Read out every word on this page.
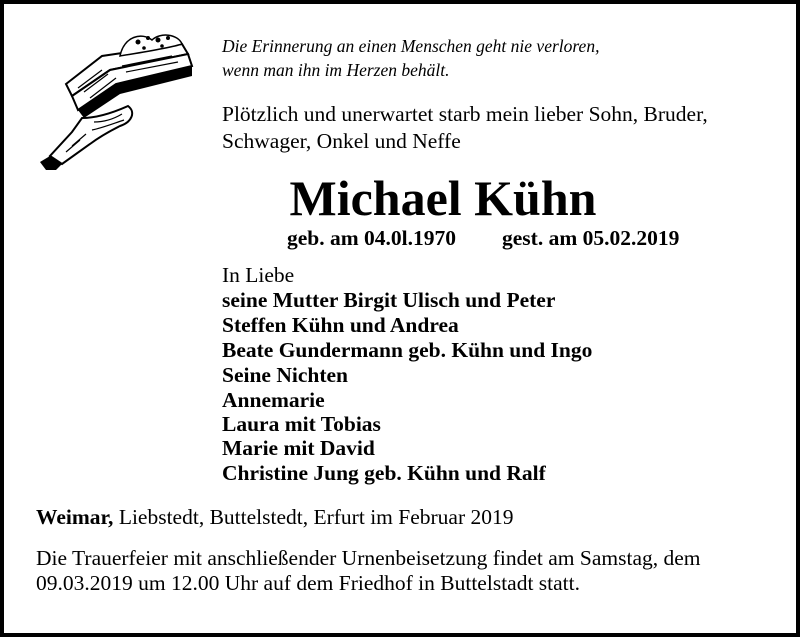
Die Erinnerung an einen Menschen geht nie verloren,
wenn man ihn im Herzen behält.
Plötzlich und unerwartet starb mein lieber Sohn, Bruder,
Schwager, Onkel und Neffe
Michael Kühn
geb. am 04.0l.1970 gest. am 05.02.2019
In Liebe
seine Mutter Birgit Ulisch und Peter
Steffen Kühn und Andrea
Beate Gundermann geb. Kühn und Ingo
Seine Nichten
Annemarie
Laura mit Tobias
Marie mit David
Christine Jung geb. Kühn und Ralf
Weimar, Liebstedt, Buttelstedt, Erfurt im Februar 2019
Die Trauerfeier mit anschließender Urnenbeisetzung findet am Samstag, dem
09.03.2019 um 12.00 Uhr auf dem Friedhof in Buttelstadt statt.
